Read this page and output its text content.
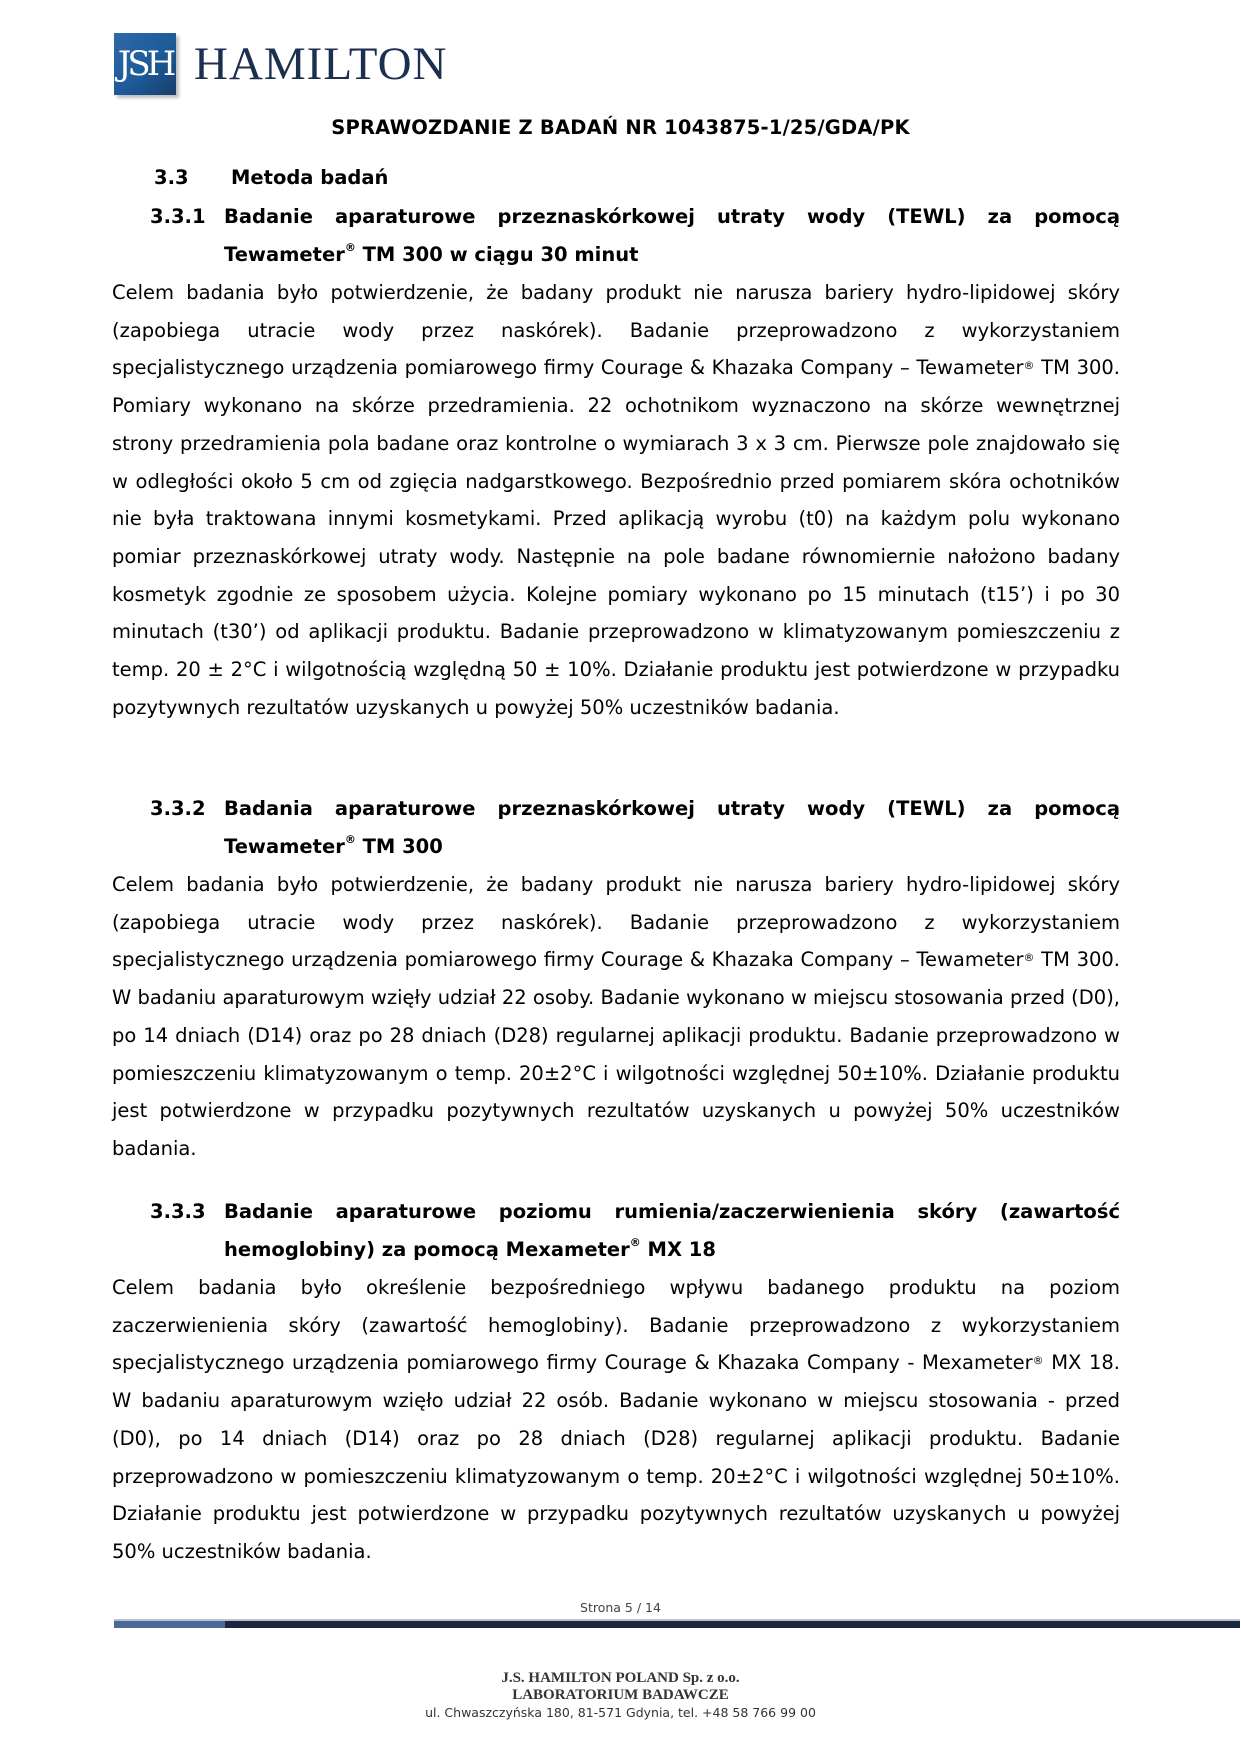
JSH HAMILTON
SPRAWOZDANIE Z BADAŃ NR 1043875-1/25/GDA/PK
3.3 Metoda badań
3.3.1 Badanie aparaturowe przeznaskórkowej utraty wody (TEWL) za pomocą
Tewameter® TM 300 w ciągu 30 minut
Celem badania było potwierdzenie, że badany produkt nie narusza bariery hydro-lipidowej skóry (zapobiega utracie wody przez naskórek). Badanie przeprowadzono z wykorzystaniem specjalistycznego urządzenia pomiarowego firmy Courage & Khazaka Company – Tewameter® TM 300. Pomiary wykonano na skórze przedramienia. 22 ochotnikom wyznaczono na skórze wewnętrznej strony przedramienia pola badane oraz kontrolne o wymiarach 3 x 3 cm. Pierwsze pole znajdowało się w odległości około 5 cm od zgięcia nadgarstkowego. Bezpośrednio przed pomiarem skóra ochotników nie była traktowana innymi kosmetykami. Przed aplikacją wyrobu (t0) na każdym polu wykonano pomiar przeznaskórkowej utraty wody. Następnie na pole badane równomiernie nałożono badany kosmetyk zgodnie ze sposobem użycia. Kolejne pomiary wykonano po 15 minutach (t15’) i po 30 minutach (t30’) od aplikacji produktu. Badanie przeprowadzono w klimatyzowanym pomieszczeniu z temp. 20 ± 2°C i wilgotnością względną 50 ± 10%. Działanie produktu jest potwierdzone w przypadku pozytywnych rezultatów uzyskanych u powyżej 50% uczestników badania.
3.3.2 Badania aparaturowe przeznaskórkowej utraty wody (TEWL) za pomocą
Tewameter® TM 300
Celem badania było potwierdzenie, że badany produkt nie narusza bariery hydro-lipidowej skóry (zapobiega utracie wody przez naskórek). Badanie przeprowadzono z wykorzystaniem specjalistycznego urządzenia pomiarowego firmy Courage & Khazaka Company – Tewameter® TM 300. W badaniu aparaturowym wzięły udział 22 osoby. Badanie wykonano w miejscu stosowania przed (D0), po 14 dniach (D14) oraz po 28 dniach (D28) regularnej aplikacji produktu. Badanie przeprowadzono w pomieszczeniu klimatyzowanym o temp. 20±2°C i wilgotności względnej 50±10%. Działanie produktu jest potwierdzone w przypadku pozytywnych rezultatów uzyskanych u powyżej 50% uczestników badania.
3.3.3 Badanie aparaturowe poziomu rumienia/zaczerwienienia skóry (zawartość
hemoglobiny) za pomocą Mexameter® MX 18
Celem badania było określenie bezpośredniego wpływu badanego produktu na poziom zaczerwienienia skóry (zawartość hemoglobiny). Badanie przeprowadzono z wykorzystaniem specjalistycznego urządzenia pomiarowego firmy Courage & Khazaka Company - Mexameter® MX 18. W badaniu aparaturowym wzięło udział 22 osób. Badanie wykonano w miejscu stosowania - przed (D0), po 14 dniach (D14) oraz po 28 dniach (D28) regularnej aplikacji produktu. Badanie przeprowadzono w pomieszczeniu klimatyzowanym o temp. 20±2°C i wilgotności względnej 50±10%. Działanie produktu jest potwierdzone w przypadku pozytywnych rezultatów uzyskanych u powyżej 50% uczestników badania.
Strona 5 / 14
J.S. HAMILTON POLAND Sp. z o.o.
LABORATORIUM BADAWCZE
ul. Chwaszczyńska 180, 81-571 Gdynia, tel. +48 58 766 99 00
